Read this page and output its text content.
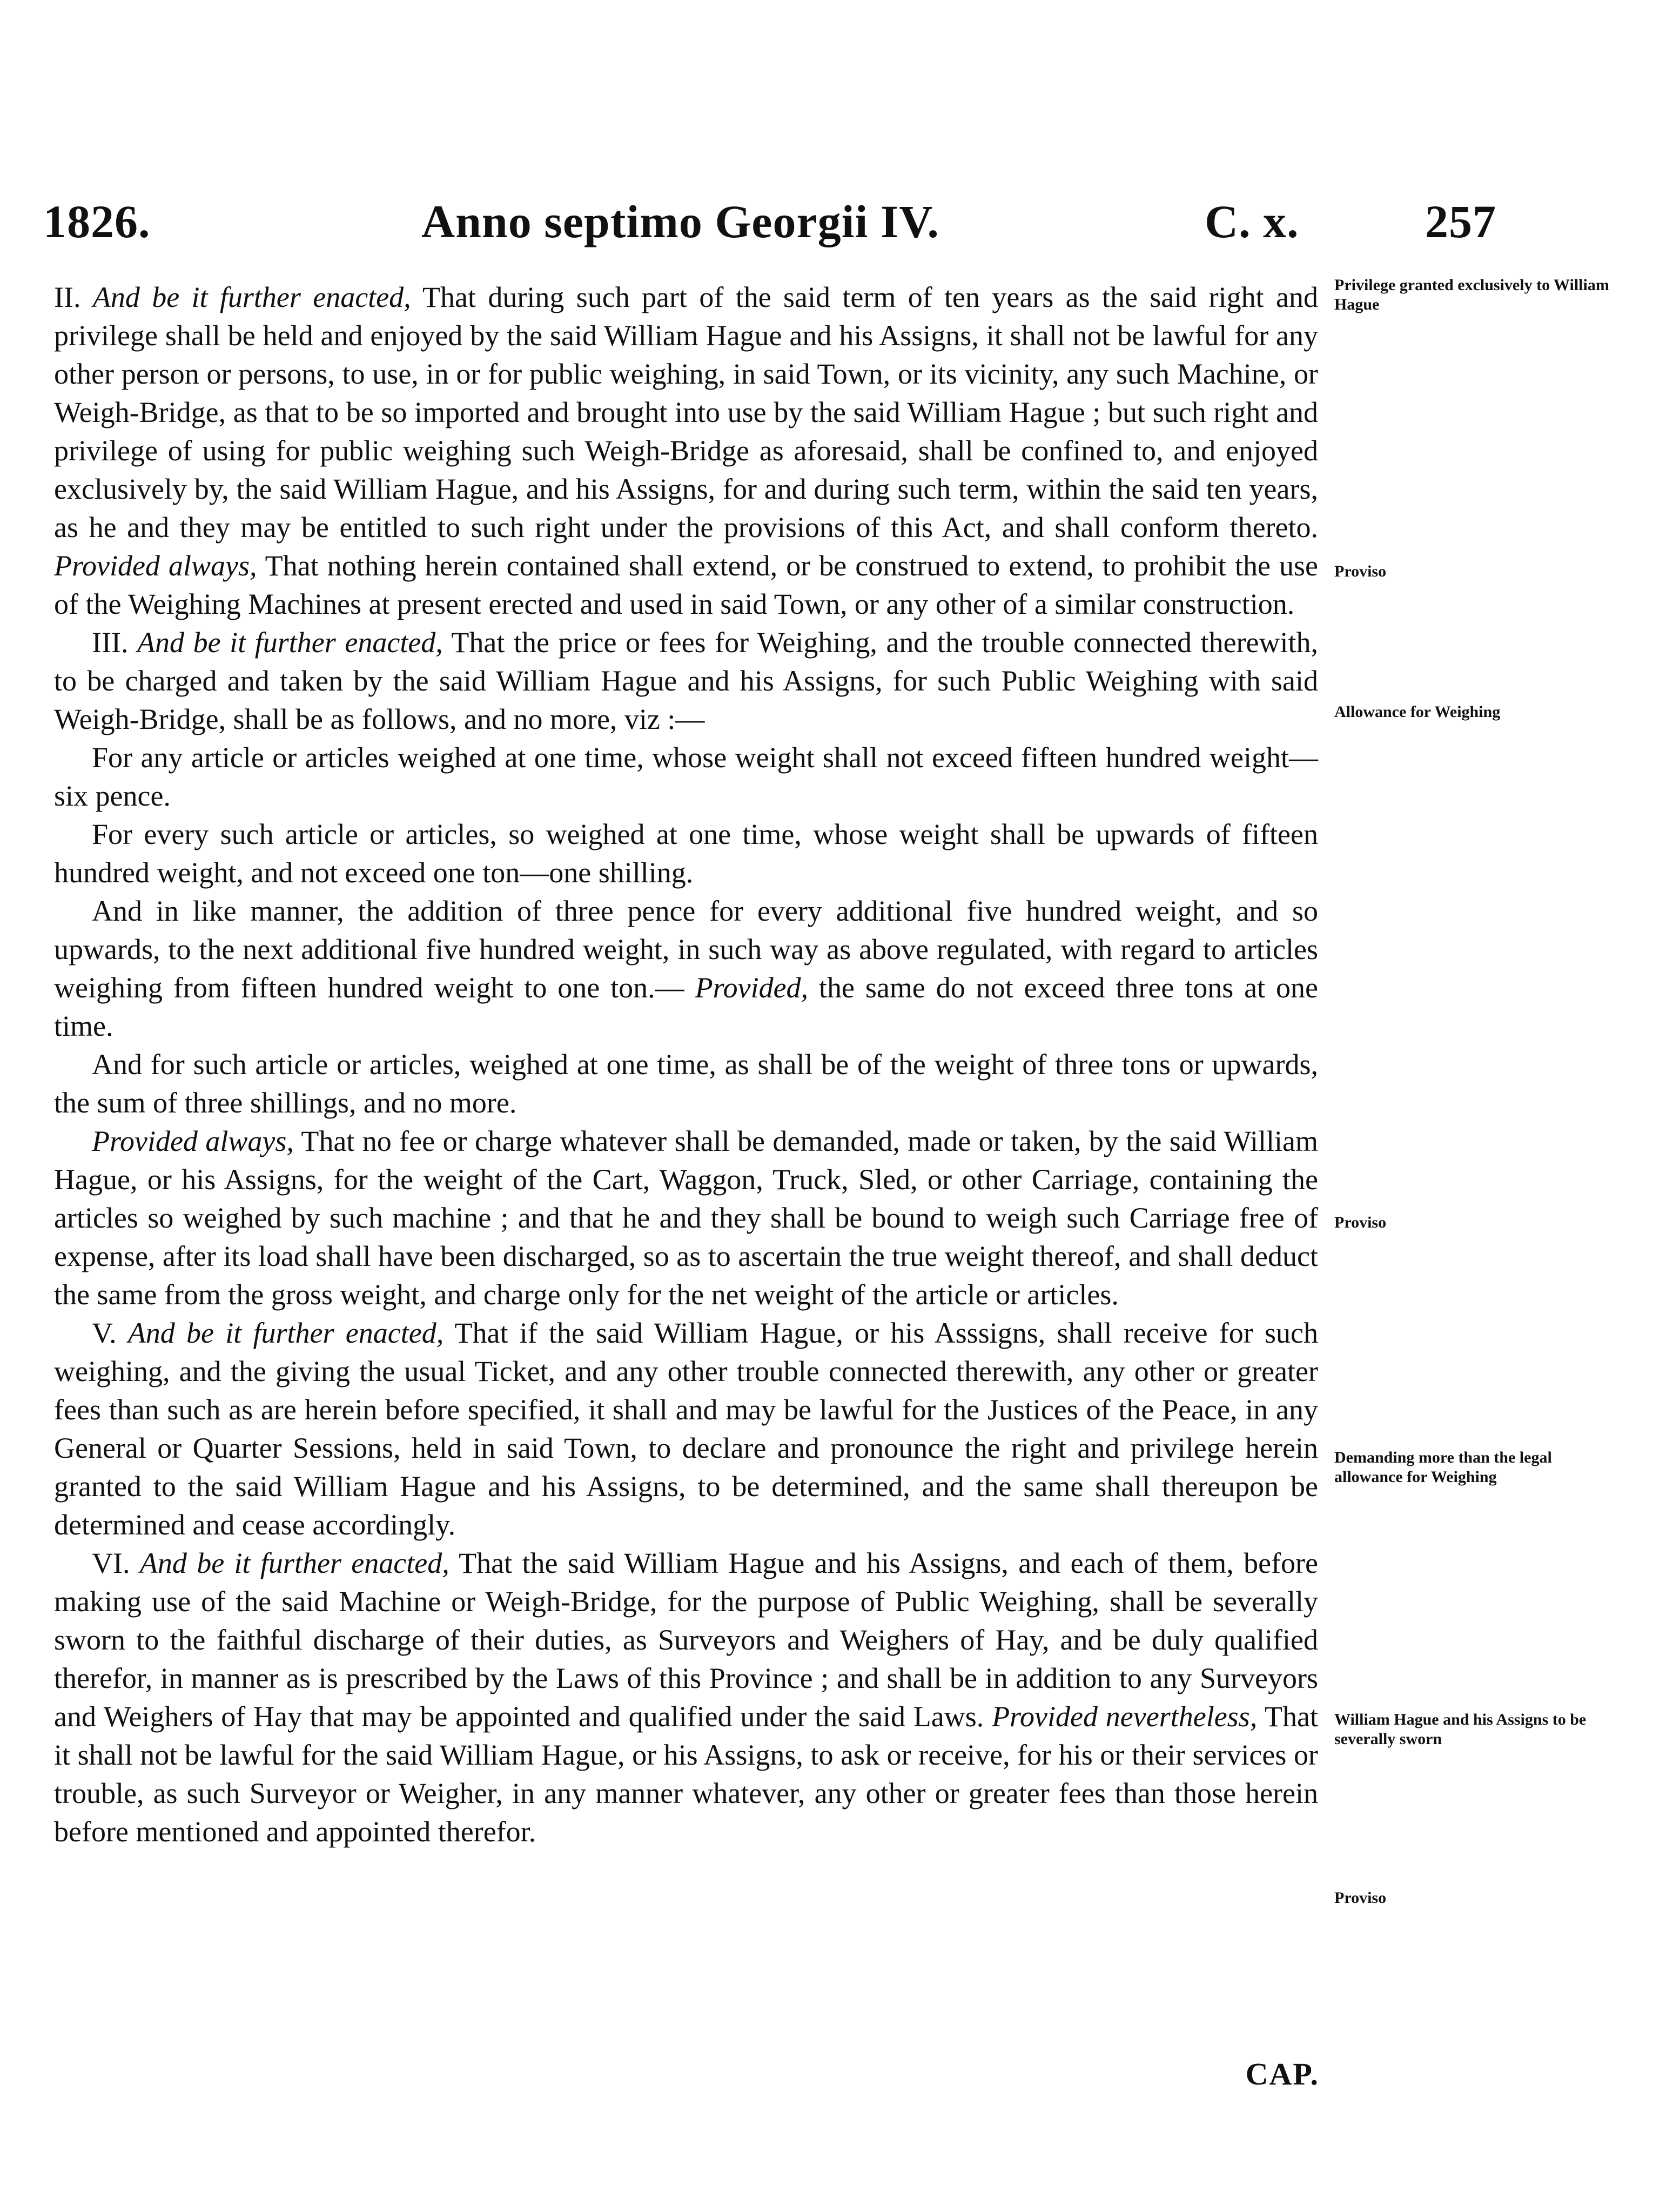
1826.	Anno septimo Georgii IV.	C. x.	257

II. And be it further enacted, That during such part of the said term of ten years as the said right and privilege shall be held and enjoyed by the said William Hague and his Assigns, it shall not be lawful for any other person or persons, to use, in or for public weighing, in said Town, or its vicinity, any such Machine, or Weigh-Bridge, as that to be so imported and brought into use by the said William Hague ; but such right and privilege of using for public weighing such Weigh-Bridge as aforesaid, shall be confined to, and enjoyed exclusively by, the said William Hague, and his Assigns, for and during such term, within the said ten years, as he and they may be entitled to such right under the provisions of this Act, and shall conform thereto. Provided always, That nothing herein contained shall extend, or be construed to extend, to prohibit the use of the Weighing Machines at present erected and used in said Town, or any other of a similar construction.

III. And be it further enacted, That the price or fees for Weighing, and the trouble connected therewith, to be charged and taken by the said William Hague and his Assigns, for such Public Weighing with said Weigh-Bridge, shall be as follows, and no more, viz :—

For any article or articles weighed at one time, whose weight shall not exceed fifteen hundred weight—six pence.

For every such article or articles, so weighed at one time, whose weight shall be upwards of fifteen hundred weight, and not exceed one ton—one shilling.

And in like manner, the addition of three pence for every additional five hundred weight, and so upwards, to the next additional five hundred weight, in such way as above regulated, with regard to articles weighing from fifteen hundred weight to one ton.— Provided, the same do not exceed three tons at one time.

And for such article or articles, weighed at one time, as shall be of the weight of three tons or upwards, the sum of three shillings, and no more.

Provided always, That no fee or charge whatever shall be demanded, made or taken, by the said William Hague, or his Assigns, for the weight of the Cart, Waggon, Truck, Sled, or other Carriage, containing the articles so weighed by such machine ; and that he and they shall be bound to weigh such Carriage free of expense, after its load shall have been discharged, so as to ascertain the true weight thereof, and shall deduct the same from the gross weight, and charge only for the net weight of the article or articles.

V. And be it further enacted, That if the said William Hague, or his Asssigns, shall receive for such weighing, and the giving the usual Ticket, and any other trouble connected therewith, any other or greater fees than such as are herein before specified, it shall and may be lawful for the Justices of the Peace, in any General or Quarter Sessions, held in said Town, to declare and pronounce the right and privilege herein granted to the said William Hague and his Assigns, to be determined, and the same shall thereupon be determined and cease accordingly.

VI. And be it further enacted, That the said William Hague and his Assigns, and each of them, before making use of the said Machine or Weigh-Bridge, for the purpose of Public Weighing, shall be severally sworn to the faithful discharge of their duties, as Surveyors and Weighers of Hay, and be duly qualified therefor, in manner as is prescribed by the Laws of this Province ; and shall be in addition to any Surveyors and Weighers of Hay that may be appointed and qualified under the said Laws. Provided nevertheless, That it shall not be lawful for the said William Hague, or his Assigns, to ask or receive, for his or their services or trouble, as such Surveyor or Weigher, in any manner whatever, any other or greater fees than those herein before mentioned and appointed therefor.

CAP.
Privilege granted exclusively to William Hague
Proviso
Allowance for Weighing
Proviso
Demanding more than the legal allowance for Weighing
William Hague and his Assigns to be severally sworn
Proviso
